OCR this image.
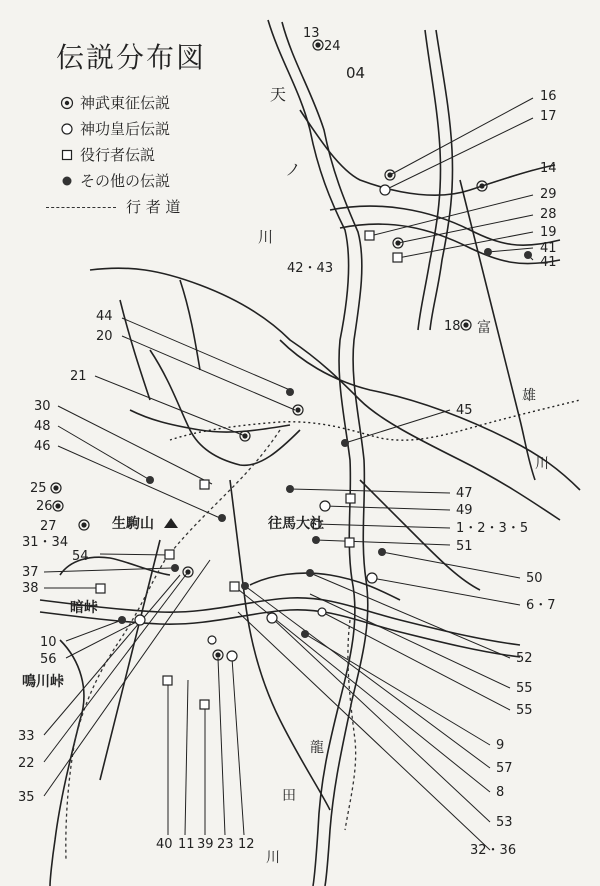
天
ノ
川
富
雄
川
生駒山	往馬大社
暗峠
鳴川峠
龍
田
川
13
24
04
16
17
14
29
28
19
41
41
42・43
18
44
20
21
30	45
48
46
25
26
27
47
49
31・34
1・2・3・5
51
54
37
38
50
6・7
10
56	52
55
55
33
9
22	57
35	8
53
32・36
40 11 39 23 12
伝説分布図
神武東征伝説
神功皇后伝説
役行者伝説
その他の伝説
行 者 道
